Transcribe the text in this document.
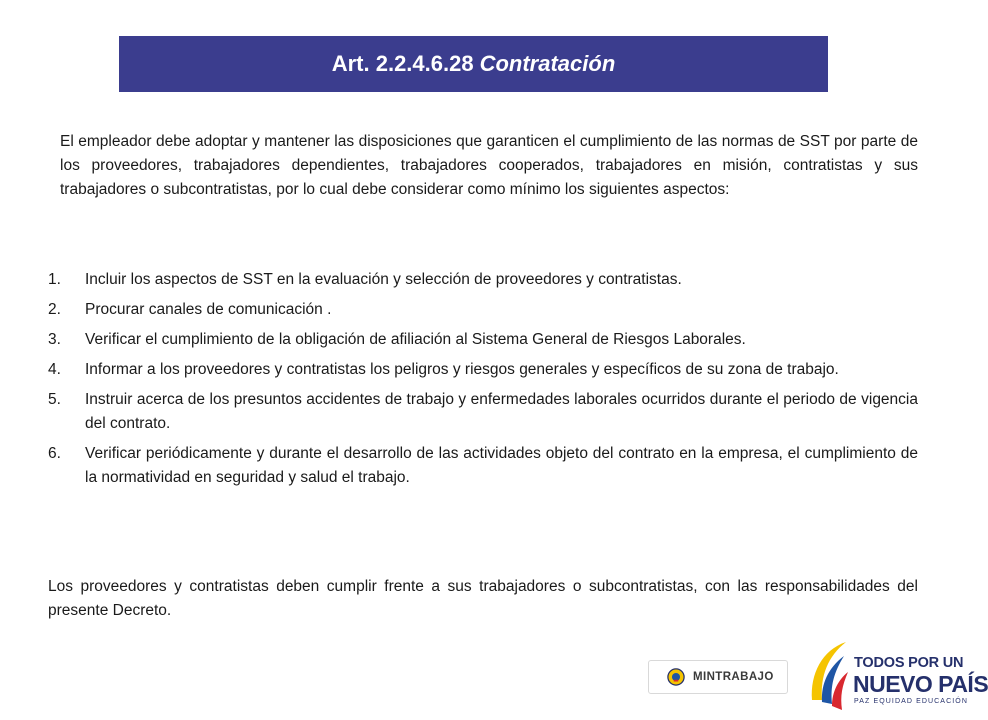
Art. 2.2.4.6.28 Contratación

El empleador debe adoptar y mantener las disposiciones que garanticen el cumplimiento de las normas de SST por parte de los proveedores, trabajadores dependientes, trabajadores cooperados, trabajadores en misión, contratistas y sus trabajadores o subcontratistas, por lo cual debe considerar como mínimo los siguientes aspectos:

1.	Incluir los aspectos de SST en la evaluación y selección de proveedores y contratistas.
2.	Procurar canales de comunicación .
3.	Verificar el cumplimiento de la obligación de afiliación al Sistema General de Riesgos Laborales.
4.	Informar a los proveedores y contratistas los peligros y riesgos generales y específicos de su zona de trabajo.
5.	Instruir acerca de los presuntos accidentes de trabajo y enfermedades laborales ocurridos durante el periodo de vigencia del contrato.
6.	Verificar periódicamente y durante el desarrollo de las actividades objeto del contrato en la empresa, el cumplimiento de la normatividad en seguridad y salud el trabajo.

Los proveedores y contratistas deben cumplir frente a sus trabajadores o subcontratistas, con las responsabilidades del presente Decreto.

MINTRABAJO
TODOS POR UN
NUEVO PAÍS
PAZ EQUIDAD EDUCACIÓN
